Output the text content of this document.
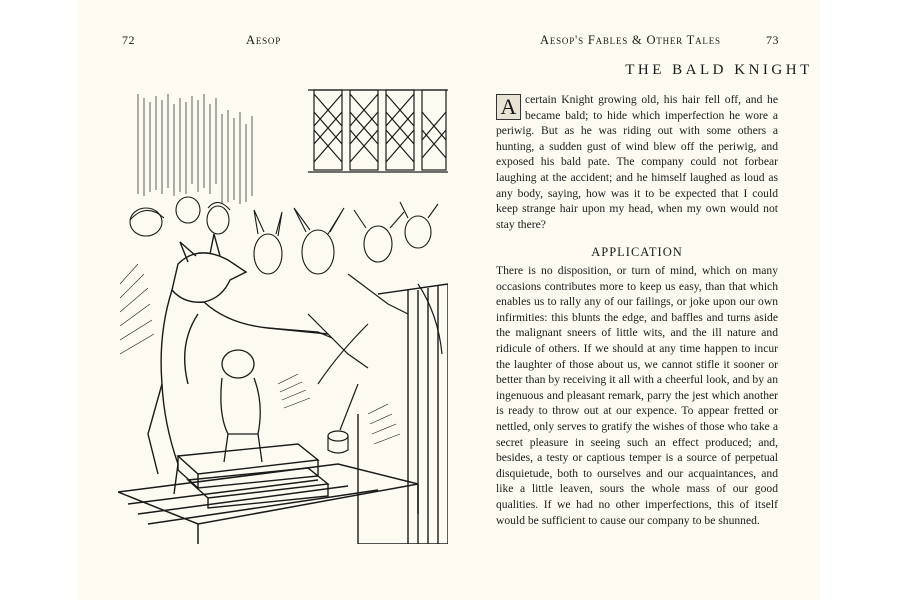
72	Aesop	Aesop's Fables & Other Tales	73
THE BALD KNIGHT
A certain Knight growing old, his hair fell off, and he became bald; to hide which imperfection he wore a periwig. But as he was riding out with some others a hunting, a sudden gust of wind blew off the periwig, and exposed his bald pate. The company could not forbear laughing at the accident; and he himself laughed as loud as any body, saying, how was it to be expected that I could keep strange hair upon my head, when my own would not stay there?
APPLICATION
There is no disposition, or turn of mind, which on many occasions contributes more to keep us easy, than that which enables us to rally any of our failings, or joke upon our own infirmities: this blunts the edge, and baffles and turns aside the malignant sneers of little wits, and the ill nature and ridicule of others. If we should at any time happen to incur the laughter of those about us, we cannot stifle it sooner or better than by receiving it all with a cheerful look, and by an ingenuous and pleasant remark, parry the jest which another is ready to throw out at our expence. To appear fretted or nettled, only serves to gratify the wishes of those who take a secret pleasure in seeing such an effect produced; and, besides, a testy or captious temper is a source of perpetual disquietude, both to ourselves and our acquaintances, and like a little leaven, sours the whole mass of our good qualities. If we had no other imperfections, this of itself would be sufficient to cause our company to be shunned.
